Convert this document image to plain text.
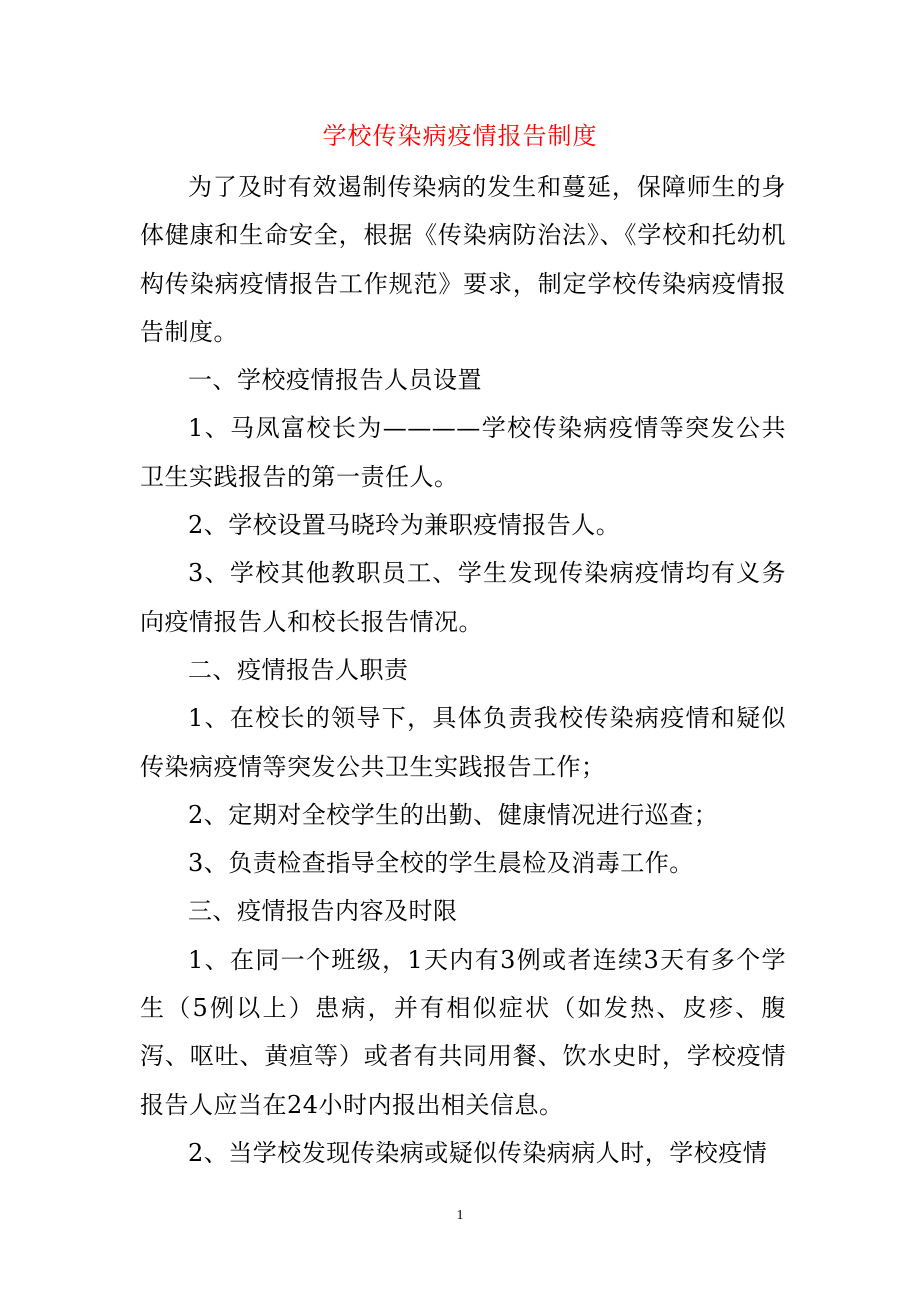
学校传染病疫情报告制度

为了及时有效遏制传染病的发生和蔓延，保障师生的身体健康和生命安全，根据《传染病防治法》、《学校和托幼机构传染病疫情报告工作规范》要求，制定学校传染病疫情报告制度。

一、学校疫情报告人员设置

1、马凤富校长为————学校传染病疫情等突发公共卫生实践报告的第一责任人。

2、学校设置马晓玲为兼职疫情报告人。

3、学校其他教职员工、学生发现传染病疫情均有义务向疫情报告人和校长报告情况。

二、疫情报告人职责

1、在校长的领导下，具体负责我校传染病疫情和疑似传染病疫情等突发公共卫生实践报告工作；

2、定期对全校学生的出勤、健康情况进行巡查；

3、负责检查指导全校的学生晨检及消毒工作。

三、疫情报告内容及时限

1、在同一个班级，1天内有3例或者连续3天有多个学生（5例以上）患病，并有相似症状（如发热、皮疹、腹泻、呕吐、黄疸等）或者有共同用餐、饮水史时，学校疫情报告人应当在24小时内报出相关信息。

2、当学校发现传染病或疑似传染病病人时，学校疫情

1
